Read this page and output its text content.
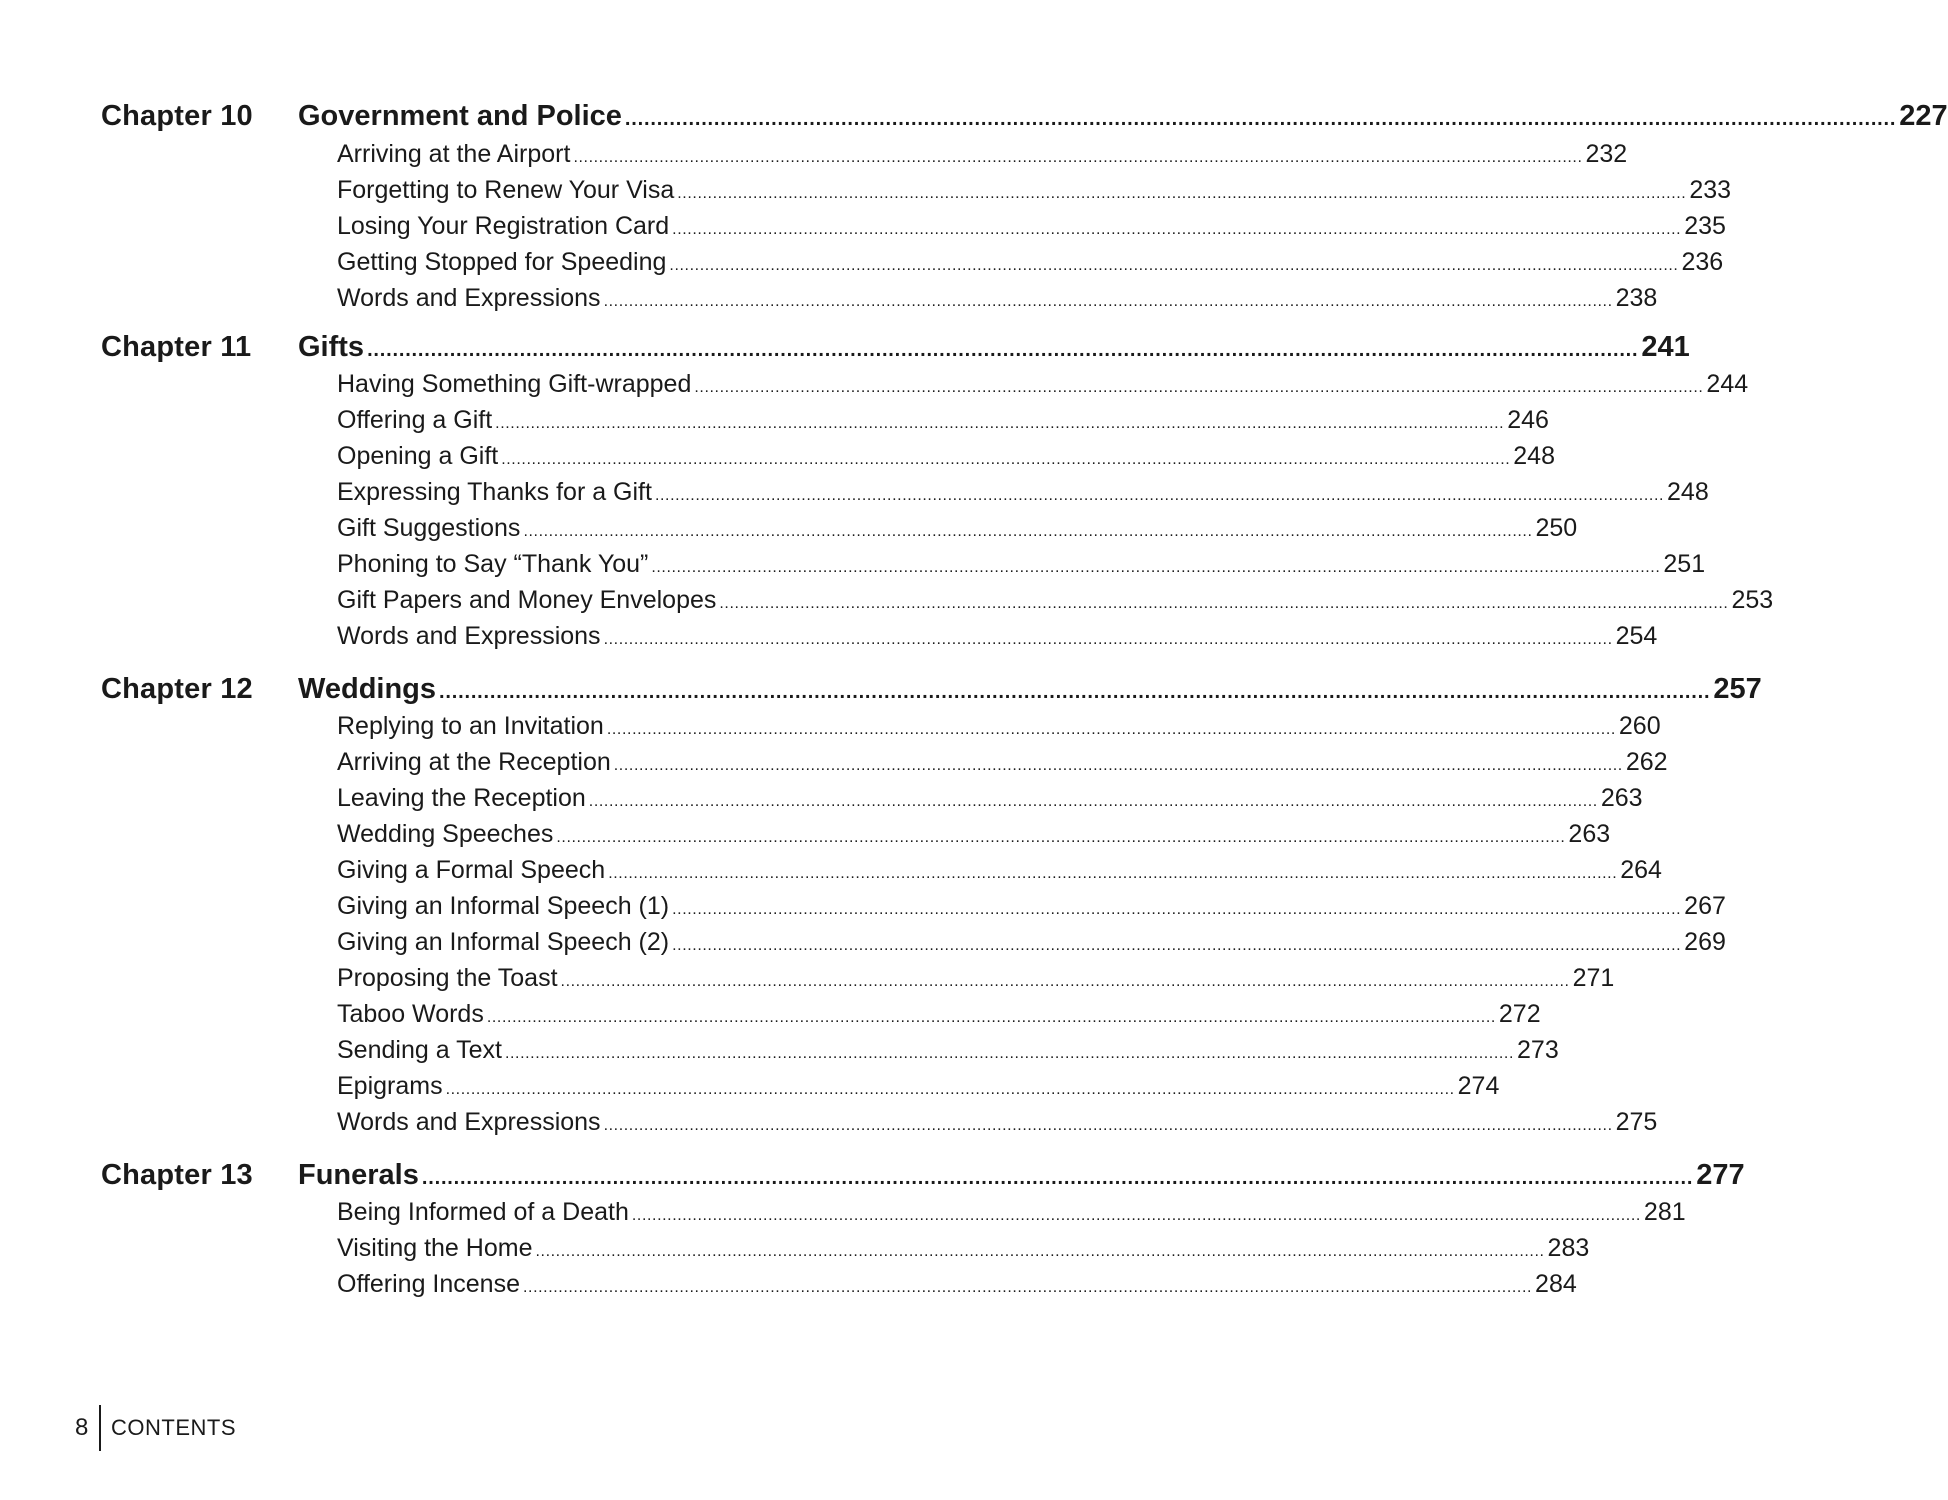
Chapter 10 Government and Police ........................................................................................................................................................................................................ 227
Arriving at the Airport ........................................................................................................................................................................................................ 232
Forgetting to Renew Your Visa ........................................................................................................................................................................................................ 233
Losing Your Registration Card ........................................................................................................................................................................................................ 235
Getting Stopped for Speeding ........................................................................................................................................................................................................ 236
Words and Expressions ........................................................................................................................................................................................................ 238
Chapter 11 Gifts ........................................................................................................................................................................................................ 241
Having Something Gift-wrapped ........................................................................................................................................................................................................ 244
Offering a Gift ........................................................................................................................................................................................................ 246
Opening a Gift ........................................................................................................................................................................................................ 248
Expressing Thanks for a Gift ........................................................................................................................................................................................................ 248
Gift Suggestions ........................................................................................................................................................................................................ 250
Phoning to Say “Thank You” ........................................................................................................................................................................................................ 251
Gift Papers and Money Envelopes ........................................................................................................................................................................................................ 253
Words and Expressions ........................................................................................................................................................................................................ 254
Chapter 12 Weddings ........................................................................................................................................................................................................ 257
Replying to an Invitation ........................................................................................................................................................................................................ 260
Arriving at the Reception ........................................................................................................................................................................................................ 262
Leaving the Reception ........................................................................................................................................................................................................ 263
Wedding Speeches ........................................................................................................................................................................................................ 263
Giving a Formal Speech ........................................................................................................................................................................................................ 264
Giving an Informal Speech (1) ........................................................................................................................................................................................................ 267
Giving an Informal Speech (2) ........................................................................................................................................................................................................ 269
Proposing the Toast ........................................................................................................................................................................................................ 271
Taboo Words ........................................................................................................................................................................................................ 272
Sending a Text ........................................................................................................................................................................................................ 273
Epigrams ........................................................................................................................................................................................................ 274
Words and Expressions ........................................................................................................................................................................................................ 275
Chapter 13 Funerals ........................................................................................................................................................................................................ 277
Being Informed of a Death ........................................................................................................................................................................................................ 281
Visiting the Home ........................................................................................................................................................................................................ 283
Offering Incense ........................................................................................................................................................................................................ 284
8 CONTENTS
